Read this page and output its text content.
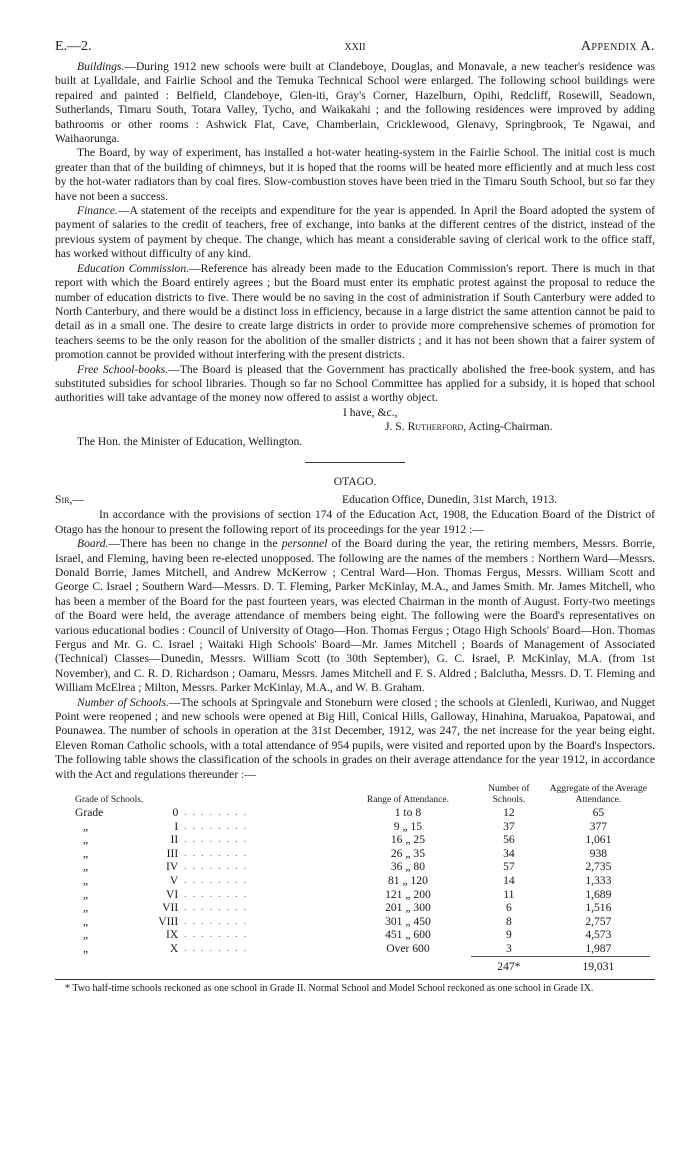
E.—2.	xxii	Appendix A.

Buildings.—During 1912 new schools were built at Clandeboye, Douglas, and Monavale, a new teacher's residence was built at Lyalldale, and Fairlie School and the Temuka Technical School were enlarged. The following school buildings were repaired and painted : Belfield, Clandeboye, Glen-iti, Gray's Corner, Hazelburn, Opihi, Redcliff, Rosewill, Seadown, Sutherlands, Timaru South, Totara Valley, Tycho, and Waikakahi ; and the following residences were improved by adding bathrooms or other rooms : Ashwick Flat, Cave, Chamberlain, Cricklewood, Glenavy, Springbrook, Te Ngawai, and Waihaorunga.

The Board, by way of experiment, has installed a hot-water heating-system in the Fairlie School. The initial cost is much greater than that of the building of chimneys, but it is hoped that the rooms will be heated more efficiently and at much less cost by the hot-water radiators than by coal fires. Slow-combustion stoves have been tried in the Timaru South School, but so far they have not been a success.

Finance.—A statement of the receipts and expenditure for the year is appended. In April the Board adopted the system of payment of salaries to the credit of teachers, free of exchange, into banks at the different centres of the district, instead of the previous system of payment by cheque. The change, which has meant a considerable saving of clerical work to the office staff, has worked without difficulty of any kind.

Education Commission.—Reference has already been made to the Education Commission's report. There is much in that report with which the Board entirely agrees ; but the Board must enter its emphatic protest against the proposal to reduce the number of education districts to five. There would be no saving in the cost of administration if South Canterbury were added to North Canterbury, and there would be a distinct loss in efficiency, because in a large district the same attention cannot be paid to detail as in a small one. The desire to create large districts in order to provide more comprehensive schemes of promotion for teachers seems to be the only reason for the abolition of the smaller districts ; and it has not been shown that a fairer system of promotion cannot be provided without interfering with the present districts.

Free School-books.—The Board is pleased that the Government has practically abolished the free-book system, and has substituted subsidies for school libraries. Though so far no School Committee has applied for a subsidy, it is hoped that school authorities will take advantage of the money now offered to assist a worthy object.

I have, &c.,

J. S. Rutherford, Acting-Chairman.

The Hon. the Minister of Education, Wellington.

OTAGO.
Sir,—	Education Office, Dunedin, 31st March, 1913.

In accordance with the provisions of section 174 of the Education Act, 1908, the Education Board of the District of Otago has the honour to present the following report of its proceedings for the year 1912 :—

Board.—There has been no change in the personnel of the Board during the year, the retiring members, Messrs. Borrie, Israel, and Fleming, having been re-elected unopposed. The following are the names of the members : Northern Ward—Messrs. Donald Borrie, James Mitchell, and Andrew McKerrow ; Central Ward—Hon. Thomas Fergus, Messrs. William Scott and George C. Israel ; Southern Ward—Messrs. D. T. Fleming, Parker McKinlay, M.A., and James Smith. Mr. James Mitchell, who has been a member of the Board for the past fourteen years, was elected Chairman in the month of August. Forty-two meetings of the Board were held, the average attendance of members being eight. The following were the Board's representatives on various educational bodies : Council of University of Otago—Hon. Thomas Fergus ; Otago High Schools' Board—Hon. Thomas Fergus and Mr. G. C. Israel ; Waitaki High Schools' Board—Mr. James Mitchell ; Boards of Management of Associated (Technical) Classes—Dunedin, Messrs. William Scott (to 30th September), G. C. Israel, P. McKinlay, M.A. (from 1st November), and C. R. D. Richardson ; Oamaru, Messrs. James Mitchell and F. S. Aldred ; Balclutha, Messrs. D. T. Fleming and William McElrea ; Milton, Messrs. Parker McKinlay, M.A., and W. B. Graham.

Number of Schools.—The schools at Springvale and Stoneburn were closed ; the schools at Glenledi, Kuriwao, and Nugget Point were reopened ; and new schools were opened at Big Hill, Conical Hills, Galloway, Hinahina, Maruakoa, Papatowai, and Pounawea. The number of schools in operation at the 31st December, 1912, was 247, the net increase for the year being eight. Eleven Roman Catholic schools, with a total attendance of 954 pupils, were visited and reported upon by the Board's Inspectors. The following table shows the classification of the schools in grades on their average attendance for the year 1912, in accordance with the Act and regulations thereunder :—

Grade of Schools.			Range of Attendance.	Number of Schools.	Aggregate of the Average Attendance.
Grade	0	. . . . . . . .	1 to 8	12	65
„	I	. . . . . . . .	9 „ 15	37	377
„	II	. . . . . . . .	16 „ 25	56	1,061
„	III	. . . . . . . .	26 „ 35	34	938
„	IV	. . . . . . . .	36 „ 80	57	2,735
„	V	. . . . . . . .	81 „ 120	14	1,333
„	VI	. . . . . . . .	121 „ 200	11	1,689
„	VII	. . . . . . . .	201 „ 300	6	1,516
„	VIII	. . . . . . . .	301 „ 450	8	2,757
„	IX	. . . . . . . .	451 „ 600	9	4,573
„	X	. . . . . . . .	Over 600	3	1,987
				247*	19,031

* Two half-time schools reckoned as one school in Grade II. Normal School and Model School reckoned as one school in Grade IX.
